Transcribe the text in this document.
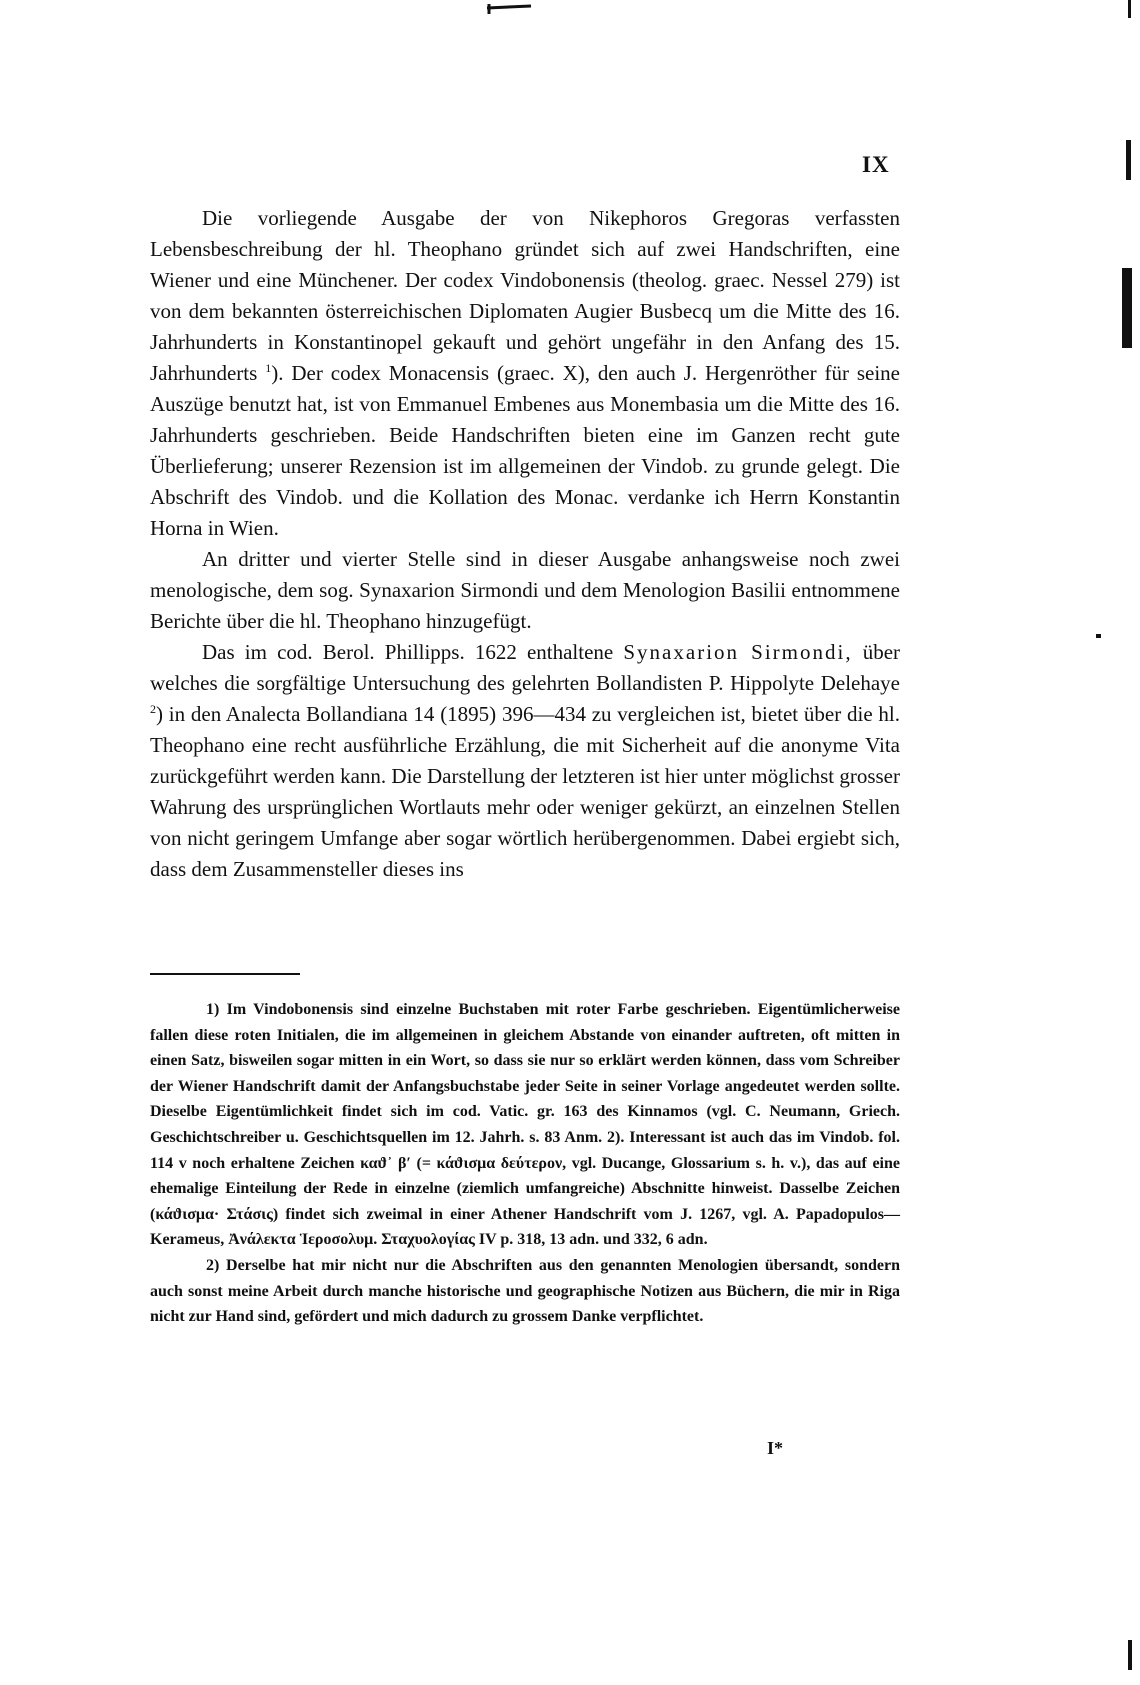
IX

Die vorliegende Ausgabe der von Nikephoros Gregoras verfassten Lebensbeschreibung der hl. Theophano gründet sich auf zwei Handschriften, eine Wiener und eine Münchener. Der codex Vindobonensis (theolog. graec. Nessel 279) ist von dem bekannten österreichischen Diplomaten Augier Busbecq um die Mitte des 16. Jahrhunderts in Konstantinopel gekauft und gehört ungefähr in den Anfang des 15. Jahrhunderts $^1$). Der codex Monacensis (graec. X), den auch J. Hergenröther für seine Auszüge benutzt hat, ist von Emmanuel Embenes aus Monembasia um die Mitte des 16. Jahrhunderts geschrieben. Beide Handschriften bieten eine im Ganzen recht gute Überlieferung; unserer Rezension ist im allgemeinen der Vindob. zu grunde gelegt. Die Abschrift des Vindob. und die Kollation des Monac. verdanke ich Herrn Konstantin Horna in Wien.

An dritter und vierter Stelle sind in dieser Ausgabe anhangsweise noch zwei menologische, dem sog. Synaxarion Sirmondi und dem Menologion Basilii entnommene Berichte über die hl. Theophano hinzugefügt.

Das im cod. Berol. Phillipps. 1622 enthaltene Synaxarion Sirmondi, über welches die sorgfältige Untersuchung des gelehrten Bollandisten P. Hippolyte Delehaye $^2$) in den Analecta Bollandiana 14 (1895) 396—434 zu vergleichen ist, bietet über die hl. Theophano eine recht ausführliche Erzählung, die mit Sicherheit auf die anonyme Vita zurückgeführt werden kann. Die Darstellung der letzteren ist hier unter möglichst grosser Wahrung des ursprünglichen Wortlauts mehr oder weniger gekürzt, an einzelnen Stellen von nicht geringem Umfange aber sogar wörtlich herübergenommen. Dabei ergiebt sich, dass dem Zusammensteller dieses ins

1) Im Vindobonensis sind einzelne Buchstaben mit roter Farbe geschrieben. Eigentümlicherweise fallen diese roten Initialen, die im allgemeinen in gleichem Abstande von einander auftreten, oft mitten in einen Satz, bisweilen sogar mitten in ein Wort, so dass sie nur so erklärt werden können, dass vom Schreiber der Wiener Handschrift damit der Anfangsbuchstabe jeder Seite in seiner Vorlage angedeutet werden sollte. Dieselbe Eigentümlichkeit findet sich im cod. Vatic. gr. 163 des Kinnamos (vgl. C. Neumann, Griech. Geschichtschreiber u. Geschichtsquellen im 12. Jahrh. s. 83 Anm. 2). Interessant ist auch das im Vindob. fol. 114 v noch erhaltene Zeichen καϑ᾽ β′ (= κάϑισμα δεύτερον, vgl. Ducange, Glossarium s. h. v.), das auf eine ehemalige Einteilung der Rede in einzelne (ziemlich umfangreiche) Abschnitte hinweist. Dasselbe Zeichen (κάϑισμα· Στάσις) findet sich zweimal in einer Athener Handschrift vom J. 1267, vgl. A. Papadopulos—Kerameus, Ἀνάλεκτα Ἱεροσολυμ. Σταχυολογίας IV p. 318, 13 adn. und 332, 6 adn.

2) Derselbe hat mir nicht nur die Abschriften aus den genannten Menologien übersandt, sondern auch sonst meine Arbeit durch manche historische und geographische Notizen aus Büchern, die mir in Riga nicht zur Hand sind, gefördert und mich dadurch zu grossem Danke verpflichtet.

I*
